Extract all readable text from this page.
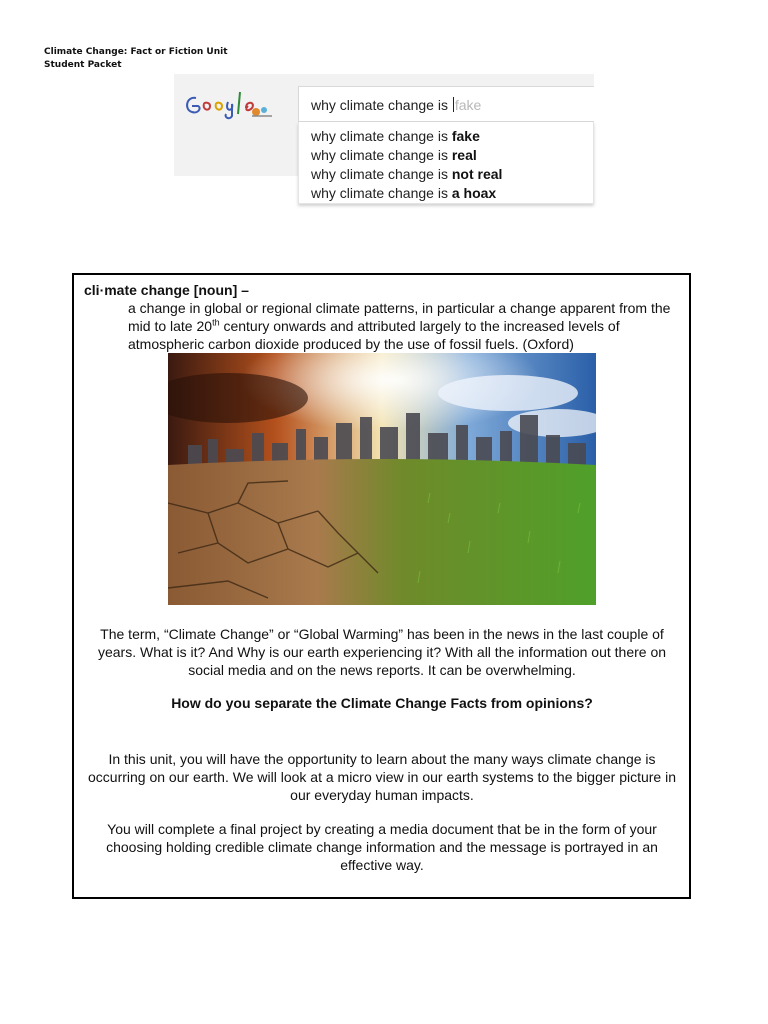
Climate Change: Fact or Fiction Unit
Student Packet
why climate change is fake
why climate change is fake
why climate change is real
why climate change is not real
why climate change is a hoax
cli·mate change [noun] –
a change in global or regional climate patterns, in particular a change apparent from the
mid to late 20th century onwards and attributed largely to the increased levels of
atmospheric carbon dioxide produced by the use of fossil fuels. (Oxford)
The term, “Climate Change” or “Global Warming” has been in the news in the last couple of years. What is it? And Why is our earth experiencing it? With all the information out there on social media and on the news reports. It can be overwhelming.
How do you separate the Climate Change Facts from opinions?
In this unit, you will have the opportunity to learn about the many ways climate change is occurring on our earth. We will look at a micro view in our earth systems to the bigger picture in our everyday human impacts.
You will complete a final project by creating a media document that be in the form of your choosing holding credible climate change information and the message is portrayed in an effective way.
